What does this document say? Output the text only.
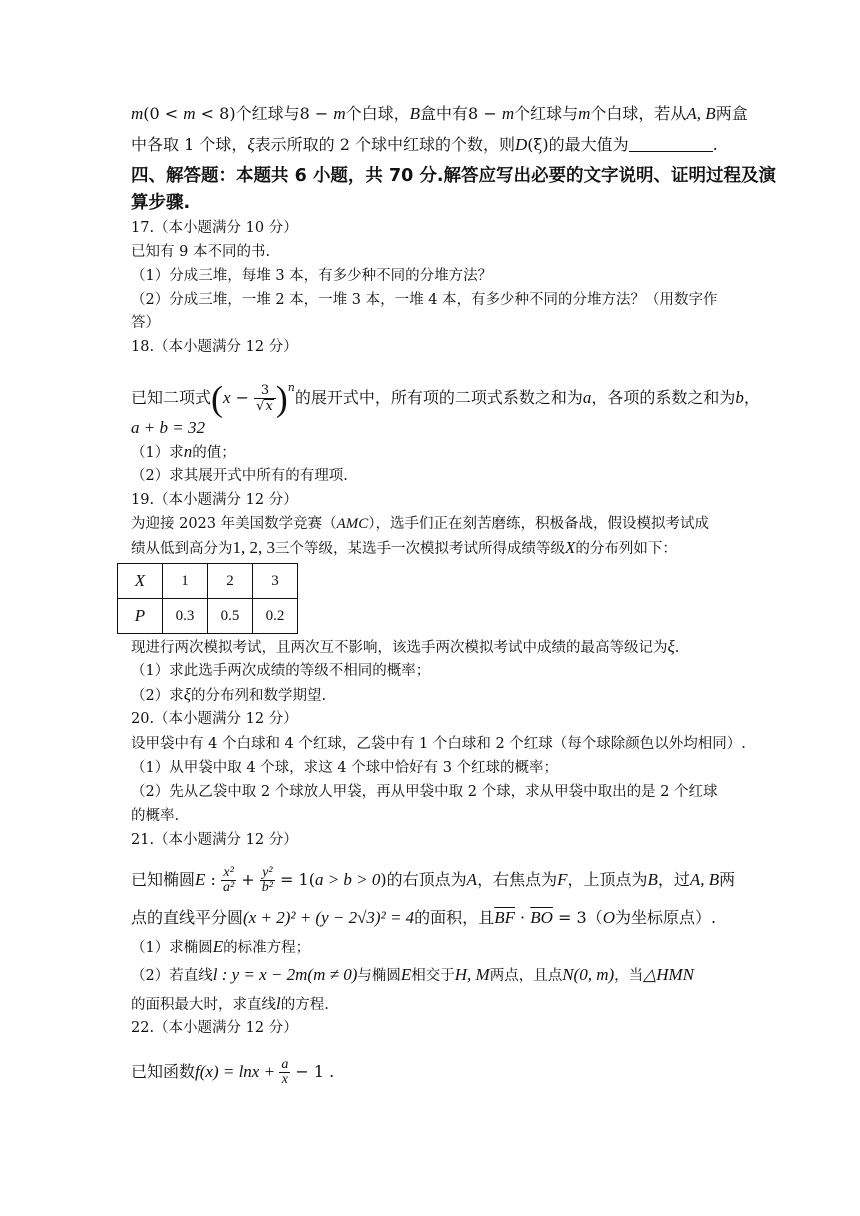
m(0 < m < 8)个红球与8 − m个白球，B盒中有8 − m个红球与m个白球，若从A, B两盒
中各取 1 个球，ξ表示所取的 2 个球中红球的个数，则D(ξ)的最大值为	.
四、解答题：本题共 6 小题，共 70 分.解答应写出必要的文字说明、证明过程及演
算步骤.
17.（本小题满分 10 分）
已知有 9 本不同的书.
（1）分成三堆，每堆 3 本，有多少种不同的分堆方法？
（2）分成三堆，一堆 2 本，一堆 3 本，一堆 4 本，有多少种不同的分堆方法？（用数字作
答）
18.（本小题满分 12 分）
已知二项式$(x - \frac{3}{√x} )^n$的展开式中，所有项的二项式系数之和为a，各项的系数之和为b，
a + b = 32
（1）求n的值；
（2）求其展开式中所有的有理项.
19.（本小题满分 12 分）
为迎接 2023 年美国数学竞赛（AMC），选手们正在刻苦磨练，积极备战，假设模拟考试成
绩从低到高分为1, 2, 3三个等级，某选手一次模拟考试所得成绩等级X的分布列如下：
X	1	2	3
P	0.3	0.5	0.2
现进行两次模拟考试，且两次互不影响，该选手两次模拟考试中成绩的最高等级记为ξ.
（1）求此选手两次成绩的等级不相同的概率；
（2）求ξ的分布列和数学期望.
20.（本小题满分 12 分）
设甲袋中有 4 个白球和 4 个红球，乙袋中有 1 个白球和 2 个红球（每个球除颜色以外均相同）.
（1）从甲袋中取 4 个球，求这 4 个球中恰好有 3 个红球的概率；
（2）先从乙袋中取 2 个球放人甲袋，再从甲袋中取 2 个球，求从甲袋中取出的是 2 个红球
的概率.
21.（本小题满分 12 分）
已知椭圆E : $\frac{\text{x²}}{\text{a²}} + \frac{\text{y²}}{\text{b²}} = 1(a > b > 0)$的右顶点为A，右焦点为F，上顶点为B，过A, B两
点的直线平分圆(x + 2)² + (y − 2√3)² = 4的面积，且$\overline{BF} \cdot \overline{BO} = 3(O$为坐标原点）.
（1）求椭圆E的标准方程；
（2）若直线l : y = x − 2m(m ≠ 0)与椭圆E相交于H, M两点，且点N(0, m)，当△HMN
的面积最大时，求直线l的方程.
22.（本小题满分 12 分）
已知函数$f(x) = \ln x + \frac{a}{x} - 1$ .
